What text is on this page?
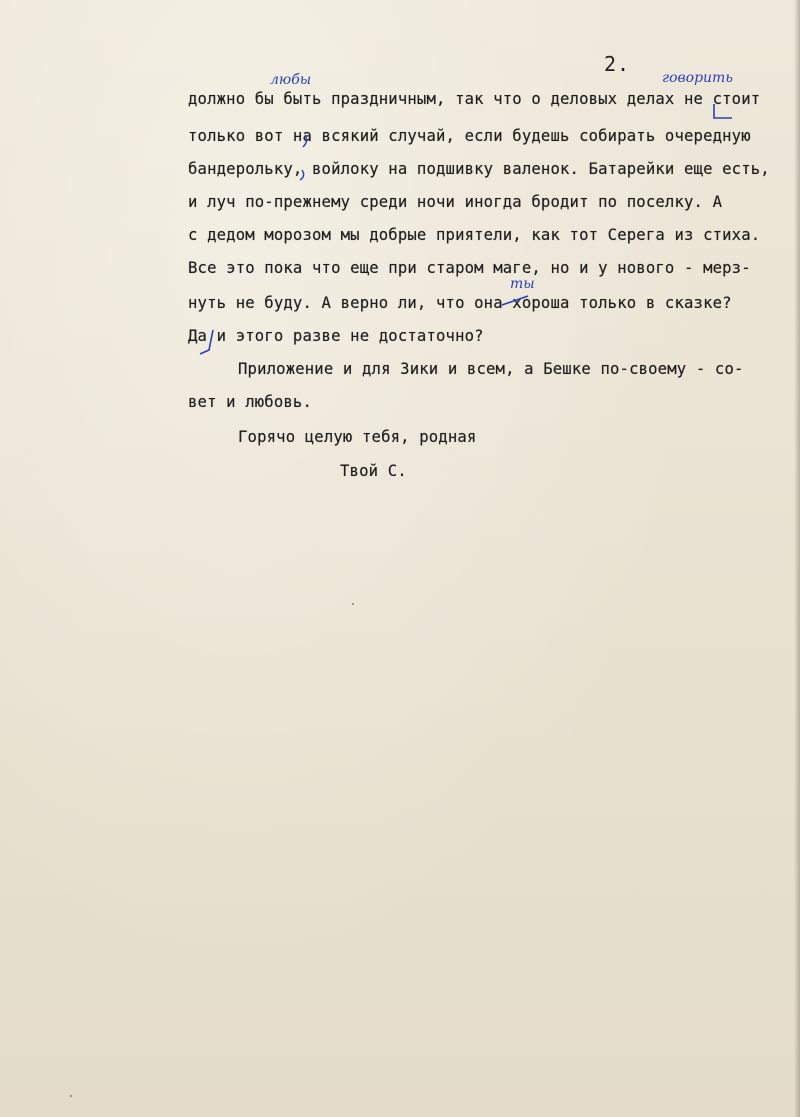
2.
должно бы быть праздничным, так что о деловых делах не стоит
только вот на всякий случай, если будешь собирать очередную
бандерольку, войлоку на подшивку валенок. Батарейки еще есть,
и луч по-прежнему среди ночи иногда бродит по поселку. А
с дедом морозом мы добрые приятели, как тот Серега из стиха.
Все это пока что еще при старом маге, но и у нового - мерз-
нуть не буду. А верно ли, что она хороша только в сказке?
Да и этого разве не достаточно?
Приложение и для Зики и всем, а Бешке по-своему - со-
вет и любовь.
Горячо целую тебя, родная
Твой С.
любы	говорить
ты
